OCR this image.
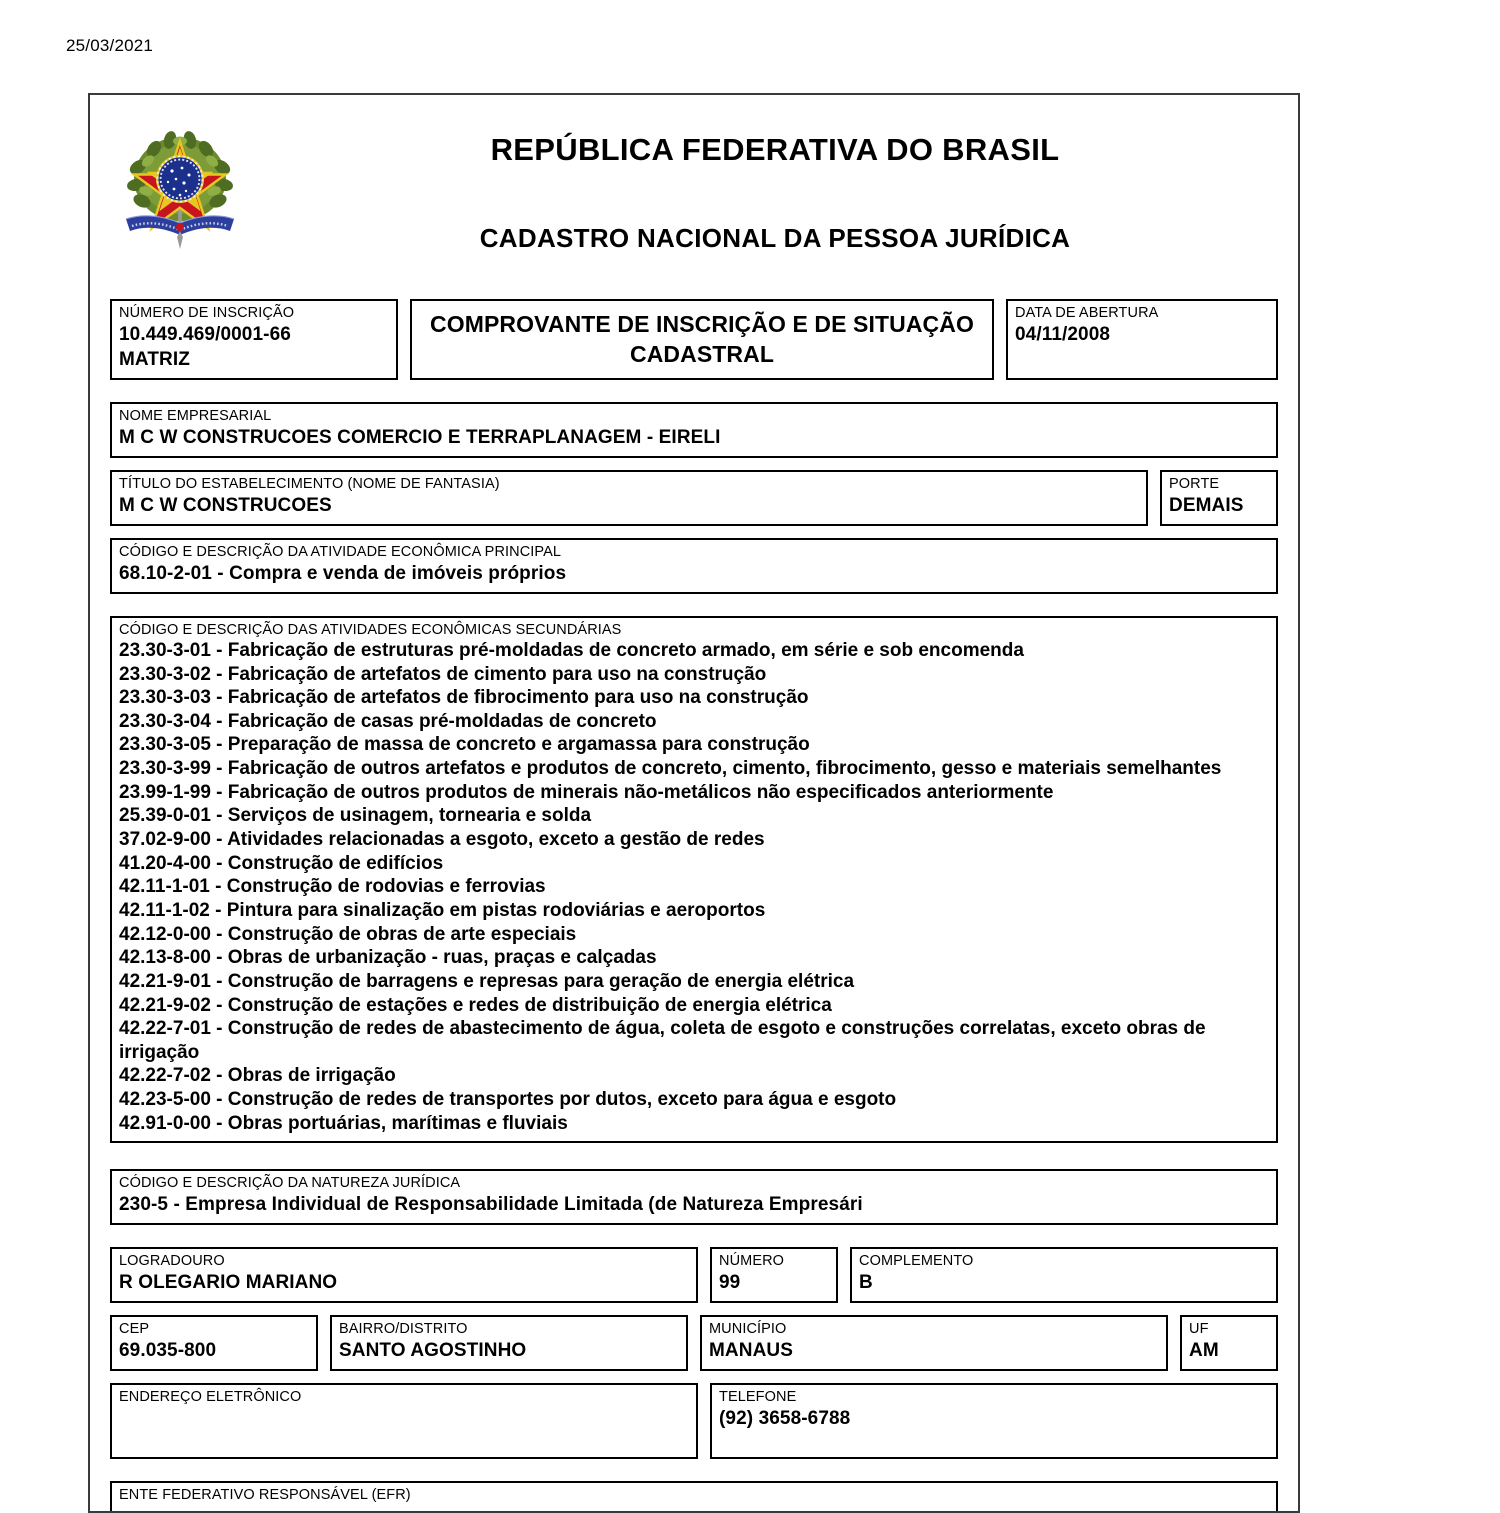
25/03/2021
REPÚBLICA FEDERATIVA DO BRASIL
CADASTRO NACIONAL DA PESSOA JURÍDICA
NÚMERO DE INSCRIÇÃO
10.449.469/0001-66
MATRIZ
COMPROVANTE DE INSCRIÇÃO E DE SITUAÇÃO CADASTRAL
DATA DE ABERTURA
04/11/2008
NOME EMPRESARIAL
M C W CONSTRUCOES COMERCIO E TERRAPLANAGEM - EIRELI
TÍTULO DO ESTABELECIMENTO (NOME DE FANTASIA)
M C W CONSTRUCOES
PORTE
DEMAIS
CÓDIGO E DESCRIÇÃO DA ATIVIDADE ECONÔMICA PRINCIPAL
68.10-2-01 - Compra e venda de imóveis próprios
CÓDIGO E DESCRIÇÃO DAS ATIVIDADES ECONÔMICAS SECUNDÁRIAS
23.30-3-01 - Fabricação de estruturas pré-moldadas de concreto armado, em série e sob encomenda
23.30-3-02 - Fabricação de artefatos de cimento para uso na construção
23.30-3-03 - Fabricação de artefatos de fibrocimento para uso na construção
23.30-3-04 - Fabricação de casas pré-moldadas de concreto
23.30-3-05 - Preparação de massa de concreto e argamassa para construção
23.30-3-99 - Fabricação de outros artefatos e produtos de concreto, cimento, fibrocimento, gesso e materiais semelhantes
23.99-1-99 - Fabricação de outros produtos de minerais não-metálicos não especificados anteriormente
25.39-0-01 - Serviços de usinagem, tornearia e solda
37.02-9-00 - Atividades relacionadas a esgoto, exceto a gestão de redes
41.20-4-00 - Construção de edifícios
42.11-1-01 - Construção de rodovias e ferrovias
42.11-1-02 - Pintura para sinalização em pistas rodoviárias e aeroportos
42.12-0-00 - Construção de obras de arte especiais
42.13-8-00 - Obras de urbanização - ruas, praças e calçadas
42.21-9-01 - Construção de barragens e represas para geração de energia elétrica
42.21-9-02 - Construção de estações e redes de distribuição de energia elétrica
42.22-7-01 - Construção de redes de abastecimento de água, coleta de esgoto e construções correlatas, exceto obras de irrigação
42.22-7-02 - Obras de irrigação
42.23-5-00 - Construção de redes de transportes por dutos, exceto para água e esgoto
42.91-0-00 - Obras portuárias, marítimas e fluviais
CÓDIGO E DESCRIÇÃO DA NATUREZA JURÍDICA
230-5 - Empresa Individual de Responsabilidade Limitada (de Natureza Empresári
LOGRADOURO
R OLEGARIO MARIANO
NÚMERO
99
COMPLEMENTO
B
CEP
69.035-800
BAIRRO/DISTRITO
SANTO AGOSTINHO
MUNICÍPIO
MANAUS
UF
AM
ENDEREÇO ELETRÔNICO	TELEFONE
(92) 3658-6788
ENTE FEDERATIVO RESPONSÁVEL (EFR)
